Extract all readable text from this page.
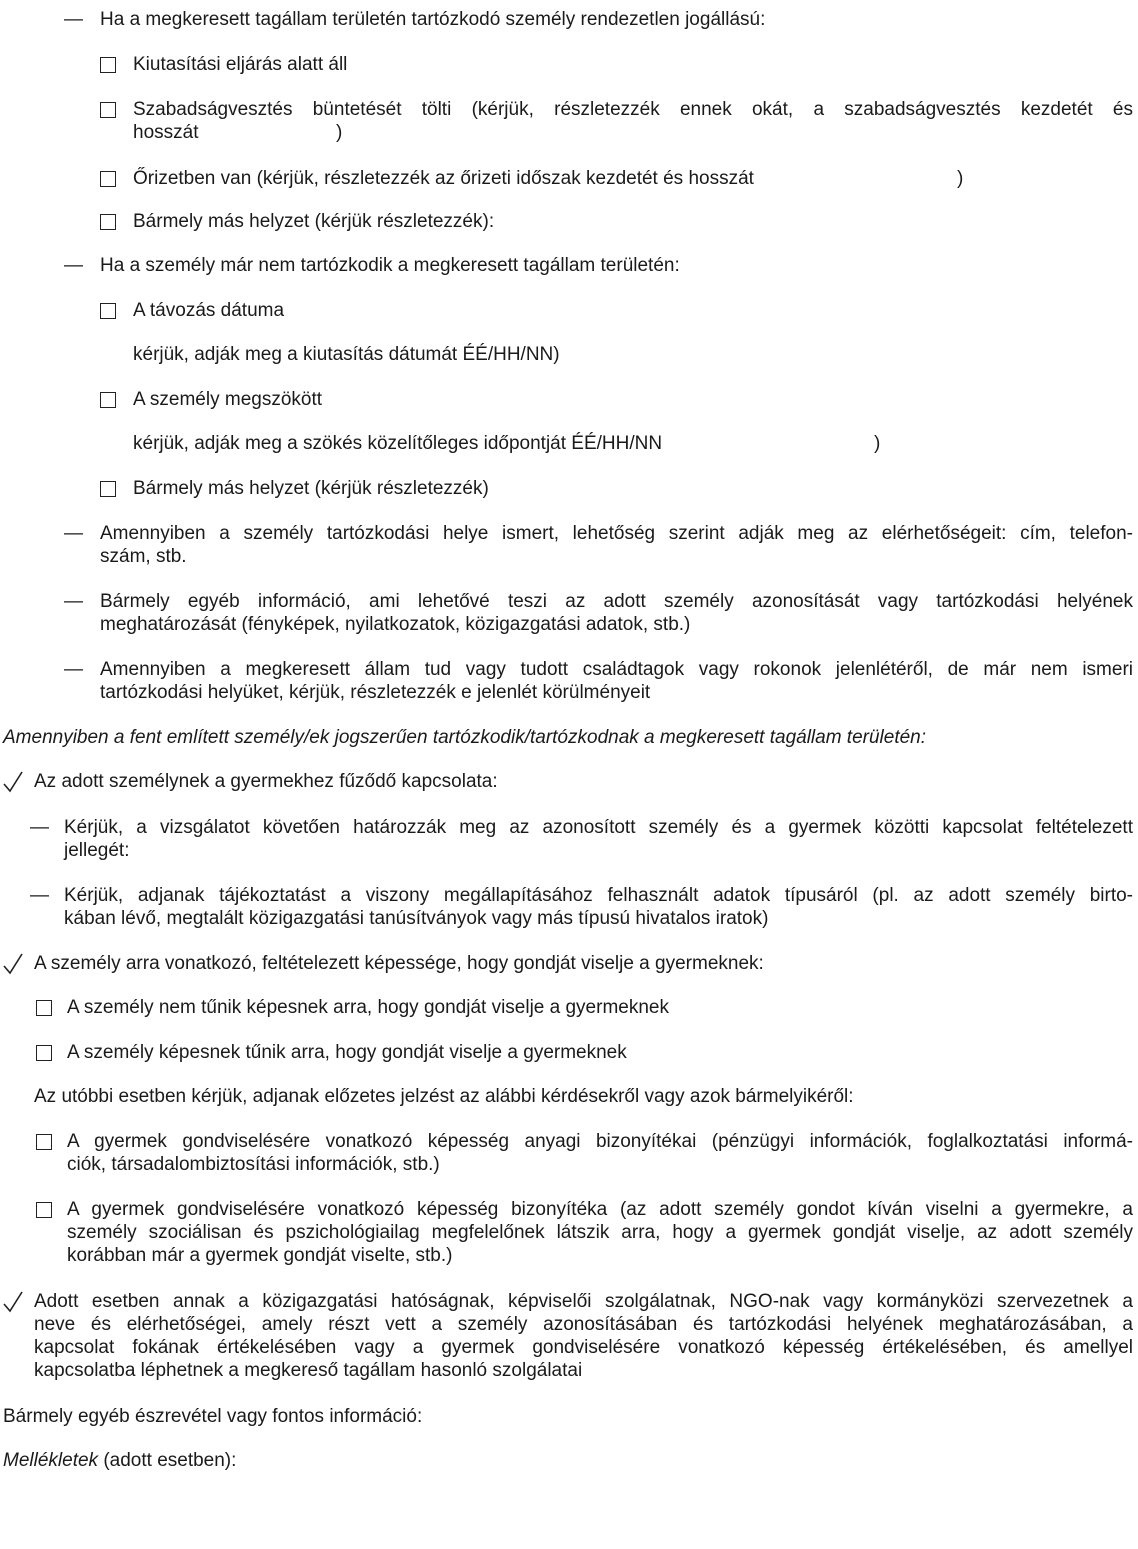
— Ha a megkeresett tagállam területén tartózkodó személy rendezetlen jogállású:
Kiutasítási eljárás alatt áll
Szabadságvesztés büntetését tölti (kérjük, részletezzék ennek okát, a szabadságvesztés kezdetét és
hosszát	)
Őrizetben van (kérjük, részletezzék az őrizeti időszak kezdetét és hosszát	)
Bármely más helyzet (kérjük részletezzék):
— Ha a személy már nem tartózkodik a megkeresett tagállam területén:
A távozás dátuma
kérjük, adják meg a kiutasítás dátumát ÉÉ/HH/NN)
A személy megszökött
kérjük, adják meg a szökés közelítőleges időpontját ÉÉ/HH/NN	)
Bármely más helyzet (kérjük részletezzék)
— Amennyiben a személy tartózkodási helye ismert, lehetőség szerint adják meg az elérhetőségeit: cím, telefon-
szám, stb.
— Bármely egyéb információ, ami lehetővé teszi az adott személy azonosítását vagy tartózkodási helyének
meghatározását (fényképek, nyilatkozatok, közigazgatási adatok, stb.)
— Amennyiben a megkeresett állam tud vagy tudott családtagok vagy rokonok jelenlétéről, de már nem ismeri
tartózkodási helyüket, kérjük, részletezzék e jelenlét körülményeit
Amennyiben a fent említett személy/ek jogszerűen tartózkodik/tartózkodnak a megkeresett tagállam területén:
Az adott személynek a gyermekhez fűződő kapcsolata:
— Kérjük, a vizsgálatot követően határozzák meg az azonosított személy és a gyermek közötti kapcsolat feltételezett
jellegét:
— Kérjük, adjanak tájékoztatást a viszony megállapításához felhasznált adatok típusáról (pl. az adott személy birto-
kában lévő, megtalált közigazgatási tanúsítványok vagy más típusú hivatalos iratok)
A személy arra vonatkozó, feltételezett képessége, hogy gondját viselje a gyermeknek:
A személy nem tűnik képesnek arra, hogy gondját viselje a gyermeknek
A személy képesnek tűnik arra, hogy gondját viselje a gyermeknek
Az utóbbi esetben kérjük, adjanak előzetes jelzést az alábbi kérdésekről vagy azok bármelyikéről:
A gyermek gondviselésére vonatkozó képesség anyagi bizonyítékai (pénzügyi információk, foglalkoztatási informá-
ciók, társadalombiztosítási információk, stb.)
A gyermek gondviselésére vonatkozó képesség bizonyítéka (az adott személy gondot kíván viselni a gyermekre, a
személy szociálisan és pszichológiailag megfelelőnek látszik arra, hogy a gyermek gondját viselje, az adott személy
korábban már a gyermek gondját viselte, stb.)
Adott esetben annak a közigazgatási hatóságnak, képviselői szolgálatnak, NGO-nak vagy kormányközi szervezetnek a
neve és elérhetőségei, amely részt vett a személy azonosításában és tartózkodási helyének meghatározásában, a
kapcsolat fokának értékelésében vagy a gyermek gondviselésére vonatkozó képesség értékelésében, és amellyel
kapcsolatba léphetnek a megkereső tagállam hasonló szolgálatai
Bármely egyéb észrevétel vagy fontos információ:
Mellékletek (adott esetben):
